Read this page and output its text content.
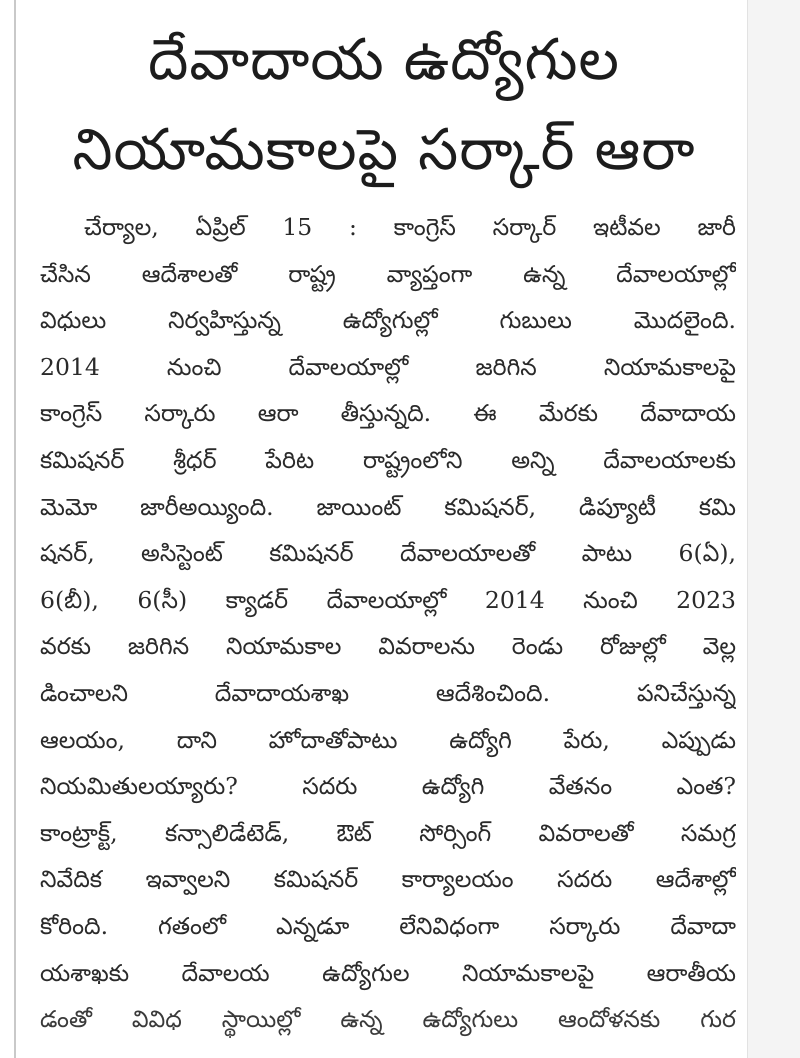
దేవాదాయ ఉద్యోగుల
నియామకాలపై సర్కార్ ఆరా
చేర్యాల, ఏప్రిల్ 15 : కాంగ్రెస్ సర్కార్ ఇటీవల జారీ
చేసిన ఆదేశాలతో రాష్ట్ర వ్యాప్తంగా ఉన్న దేవాలయాల్లో
విధులు నిర్వహిస్తున్న ఉద్యోగుల్లో గుబులు మొదలైంది.
2014 నుంచి దేవాలయాల్లో జరిగిన నియామకాలపై
కాంగ్రెస్ సర్కారు ఆరా తీస్తున్నది. ఈ మేరకు దేవాదాయ
కమిషనర్ శ్రీధర్ పేరిట రాష్ట్రంలోని అన్ని దేవాలయాలకు
మెమో జారీఅయ్యింది. జాయింట్ కమిషనర్, డిప్యూటీ కమి
షనర్, అసిస్టెంట్ కమిషనర్ దేవాలయాలతో పాటు 6(ఏ),
6(బీ), 6(సీ) క్యాడర్ దేవాలయాల్లో 2014 నుంచి 2023
వరకు జరిగిన నియామకాల వివరాలను రెండు రోజుల్లో వెల్ల
డించాలని దేవాదాయశాఖ ఆదేశించింది. పనిచేస్తున్న
ఆలయం, దాని హోదాతోపాటు ఉద్యోగి పేరు, ఎప్పుడు
నియమితులయ్యారు? సదరు ఉద్యోగి వేతనం ఎంత?
కాంట్రాక్ట్, కన్సాలిడేటెడ్, ఔట్ సోర్సింగ్ వివరాలతో సమగ్ర
నివేదిక ఇవ్వాలని కమిషనర్ కార్యాలయం సదరు ఆదేశాల్లో
కోరింది. గతంలో ఎన్నడూ లేనివిధంగా సర్కారు దేవాదా
యశాఖకు దేవాలయ ఉద్యోగుల నియామకాలపై ఆరాతీయ
డంతో వివిధ స్థాయిల్లో ఉన్న ఉద్యోగులు ఆందోళనకు గుర
